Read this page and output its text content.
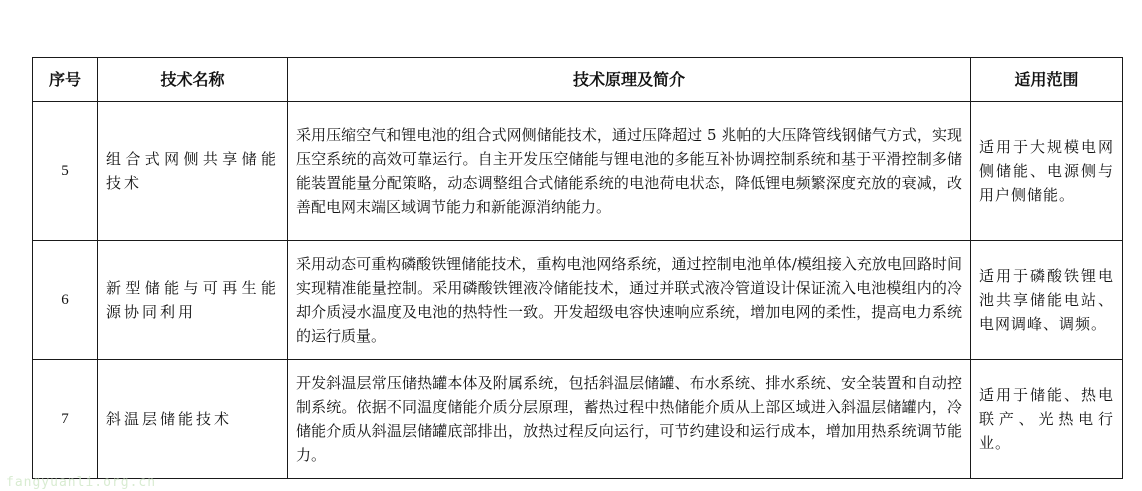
序号	技术名称	技术原理及简介	适用范围
5	组合式网侧共享储能技术	采用压缩空气和锂电池的组合式网侧储能技术，通过压降超过 5 兆帕的大压降管线钢储气方式，实现压空系统的高效可靠运行。自主开发压空储能与锂电池的多能互补协调控制系统和基于平滑控制多储能装置能量分配策略，动态调整组合式储能系统的电池荷电状态，降低锂电频繁深度充放的衰减，改善配电网末端区域调节能力和新能源消纳能力。	适用于大规模电网侧储能、电源侧与用户侧储能。
6	新型储能与可再生能源协同利用	采用动态可重构磷酸铁锂储能技术，重构电池网络系统，通过控制电池单体/模组接入充放电回路时间实现精准能量控制。采用磷酸铁锂液冷储能技术，通过并联式液冷管道设计保证流入电池模组内的冷却介质浸水温度及电池的热特性一致。开发超级电容快速响应系统，增加电网的柔性，提高电力系统的运行质量。	适用于磷酸铁锂电池共享储能电站、电网调峰、调频。
7	斜温层储能技术	开发斜温层常压储热罐本体及附属系统，包括斜温层储罐、布水系统、排水系统、安全装置和自动控制系统。依据不同温度储能介质分层原理，蓄热过程中热储能介质从上部区域进入斜温层储罐内，冷储能介质从斜温层储罐底部排出，放热过程反向运行，可节约建设和运行成本，增加用热系统调节能力。	适用于储能、热电联产、光热电行业。
fangyuanli.org.cn
